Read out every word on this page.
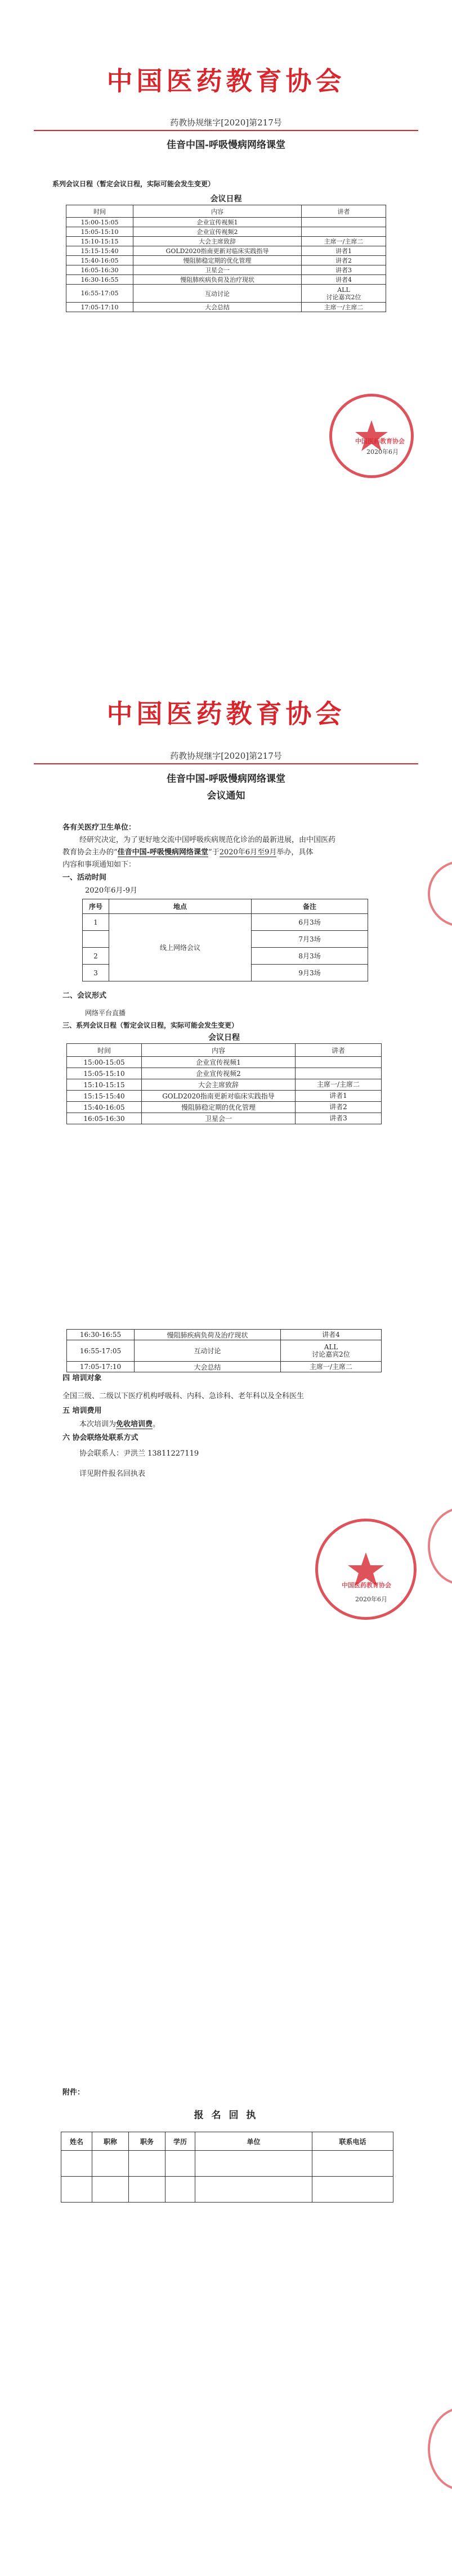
中国医药教育协会
药教协规继字[2020]第217号
佳音中国-呼吸慢病网络课堂
系列会议日程（暂定会议日程，实际可能会发生变更）
会议日程
时间	内容	讲者
15:00-15:05	企业宣传视频1	
15:05-15:10	企业宣传视频2	
15:10-15:15	大会主席致辞	主席一/主席二
15:15-15:40	GOLD2020指南更新对临床实践指导	讲者1
15:40-16:05	慢阻肺稳定期的优化管理	讲者2
16:05-16:30	卫星会一	讲者3
16:30-16:55	慢阻肺疾病负荷及治疗现状	讲者4
16:55-17:05	互动讨论	ALL
讨论嘉宾2位
17:05-17:10	大会总结	主席一/主席二
中国医药教育协会
2020年6月
中国医药教育协会
药教协规继字[2020]第217号
佳音中国-呼吸慢病网络课堂
会议通知
各有关医疗卫生单位：
经研究决定，为了更好地交流中国呼吸疾病规范化诊治的最新进展，由中国医药
教育协会主办的“佳音中国-呼吸慢病网络课堂”于2020年6月至9月举办，具体
内容和事项通知如下：
一、活动时间
2020年6月-9月
序号	地点	备注
1	线上网络会议	6月3场
		7月3场
2		8月3场
3		9月3场
二、会议形式
网络平台直播
三、系列会议日程（暂定会议日程，实际可能会发生变更）
会议日程
时间	内容	讲者
15:00-15:05	企业宣传视频1	
15:05-15:10	企业宣传视频2	
15:10-15:15	大会主席致辞	主席一/主席二
15:15-15:40	GOLD2020指南更新对临床实践指导	讲者1
15:40-16:05	慢阻肺稳定期的优化管理	讲者2
16:05-16:30	卫星会一	讲者3
16:30-16:55	慢阻肺疾病负荷及治疗现状	讲者4
16:55-17:05	互动讨论	ALL
讨论嘉宾2位
17:05-17:10	大会总结	主席一/主席二
四 培训对象
全国三级、二级以下医疗机构呼吸科、内科、急诊科、老年科以及全科医生
五 培训费用
本次培训为免收培训费。
六 协会联络处联系方式
协会联系人：尹洪兰 13811227119
详见附件报名回执表
中国医药教育协会
2020年6月
附件：
报 名 回 执
姓名	职称	职务	学历	单位	联系电话
